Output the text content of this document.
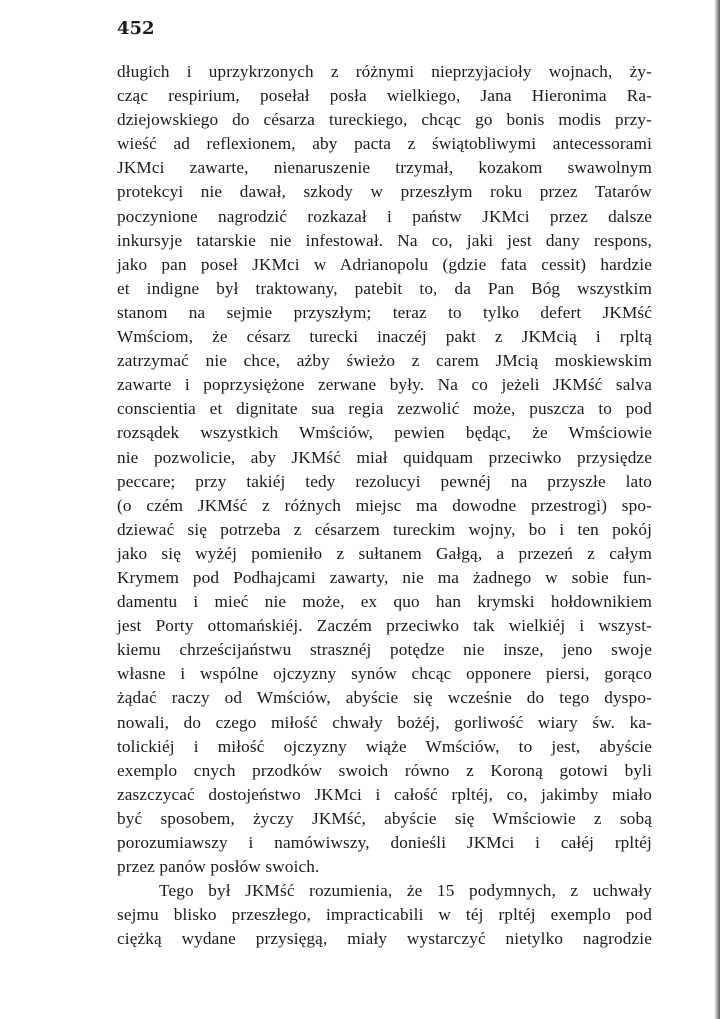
452
długich i uprzykrzonych z różnymi nieprzyjacioły wojnach, ży-
cząc respirium, posełał posła wielkiego, Jana Hieronima Ra-
dziejowskiego do césarza tureckiego, chcąc go bonis modis przy-
wieść ad reflexionem, aby pacta z świątobliwymi antecessorami
JKMci zawarte, nienaruszenie trzymał, kozakom swawolnym
protekcyi nie dawał, szkody w przeszłym roku przez Tatarów
poczynione nagrodzić rozkazał i państw JKMci przez dalsze
inkursyje tatarskie nie infestował. Na co, jaki jest dany respons,
jako pan poseł JKMci w Adrianopolu (gdzie fata cessit) hardzie
et indigne był traktowany, patebit to, da Pan Bóg wszystkim
stanom na sejmie przyszłym; teraz to tylko defert JKMść
Wmściom, że césarz turecki inaczéj pakt z JKMcią i rpltą
zatrzymać nie chce, ażby świeżo z carem JMcią moskiewskim
zawarte i poprzysiężone zerwane były. Na co jeżeli JKMść salva
conscientia et dignitate sua regia zezwolić może, puszcza to pod
rozsądek wszystkich Wmściów, pewien będąc, że Wmściowie
nie pozwolicie, aby JKMść miał quidquam przeciwko przysiędze
peccare; przy takiéj tedy rezolucyi pewnéj na przyszłe lato
(o czém JKMść z różnych miejsc ma dowodne przestrogi) spo-
dziewać się potrzeba z césarzem tureckim wojny, bo i ten pokój
jako się wyżéj pomieniło z sułtanem Gałgą, a przezeń z całym
Krymem pod Podhajcami zawarty, nie ma żadnego w sobie fun-
damentu i mieć nie może, ex quo han krymski hołdownikiem
jest Porty ottomańskiéj. Zaczém przeciwko tak wielkiéj i wszyst-
kiemu chrześcijaństwu strasznéj potędze nie insze, jeno swoje
własne i wspólne ojczyzny synów chcąc opponere piersi, gorąco
żądać raczy od Wmściów, abyście się wcześnie do tego dyspo-
nowali, do czego miłość chwały bożéj, gorliwość wiary św. ka-
tolickiéj i miłość ojczyzny wiąże Wmściów, to jest, abyście
exemplo cnych przodków swoich równo z Koroną gotowi byli
zaszczycać dostojeństwo JKMci i całość rpltéj, co, jakimby miało
być sposobem, życzy JKMść, abyście się Wmściowie z sobą
porozumiawszy i namówiwszy, donieśli JKMci i całéj rpltéj
przez panów posłów swoich.
Tego był JKMść rozumienia, że 15 podymnych, z uchwały
sejmu blisko przeszłego, impracticabili w téj rpltéj exemplo pod
ciężką wydane przysięgą, miały wystarczyć nietylko nagrodzie
